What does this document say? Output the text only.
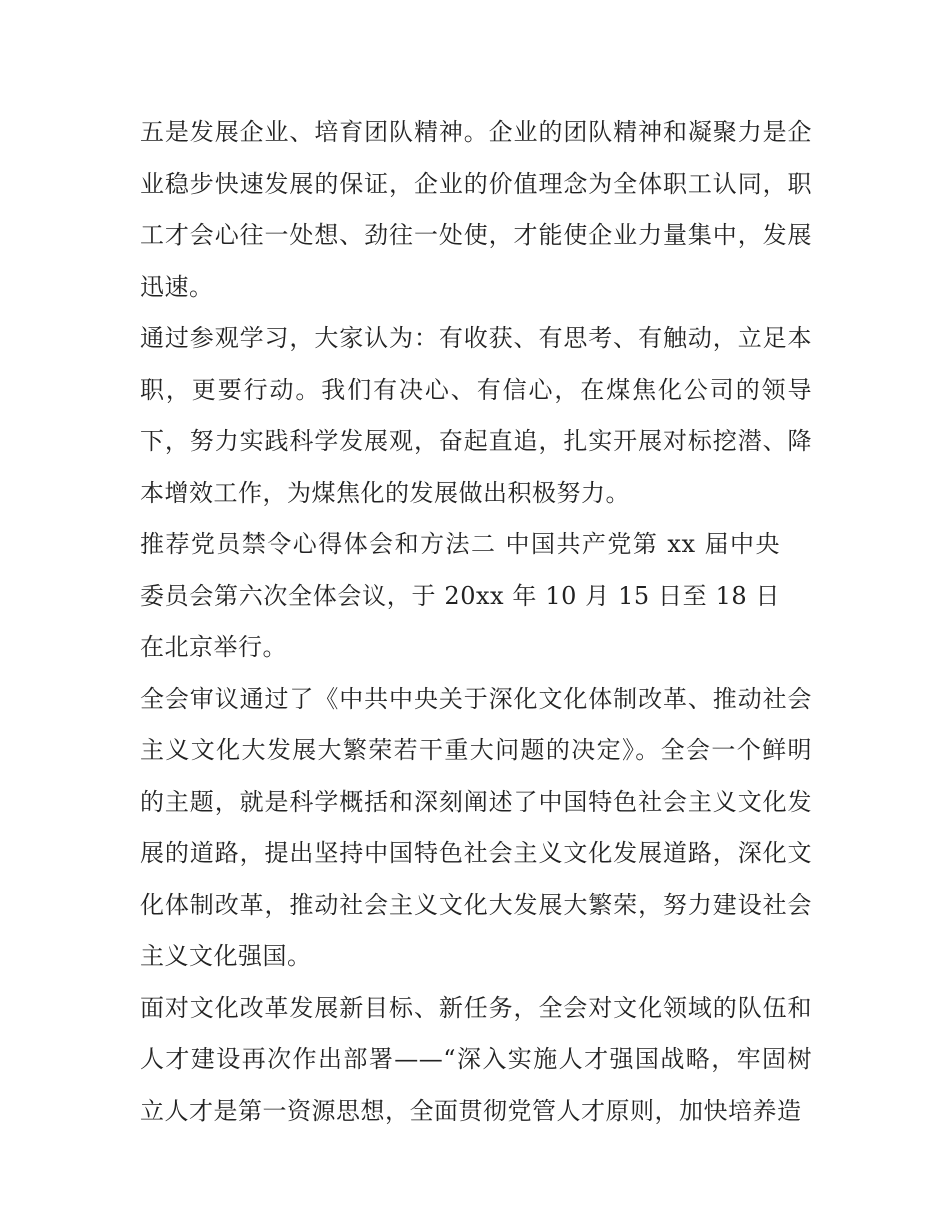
五是发展企业、培育团队精神。企业的团队精神和凝聚力是企业稳步快速发展的保证，企业的价值理念为全体职工认同，职工才会心往一处想、劲往一处使，才能使企业力量集中，发展迅速。

通过参观学习，大家认为：有收获、有思考、有触动，立足本职，更要行动。我们有决心、有信心，在煤焦化公司的领导下，努力实践科学发展观，奋起直追，扎实开展对标挖潜、降本增效工作，为煤焦化的发展做出积极努力。

推荐党员禁令心得体会和方法二 中国共产党第 xx 届中央委员会第六次全体会议，于 20xx 年 10 月 15 日至 18 日在北京举行。

全会审议通过了《中共中央关于深化文化体制改革、推动社会主义文化大发展大繁荣若干重大问题的决定》。全会一个鲜明的主题，就是科学概括和深刻阐述了中国特色社会主义文化发展的道路，提出坚持中国特色社会主义文化发展道路，深化文化体制改革，推动社会主义文化大发展大繁荣，努力建设社会主义文化强国。

面对文化改革发展新目标、新任务，全会对文化领域的队伍和人才建设再次作出部署——“深入实施人才强国战略，牢固树立人才是第一资源思想，全面贯彻党管人才原则，加快培养造
